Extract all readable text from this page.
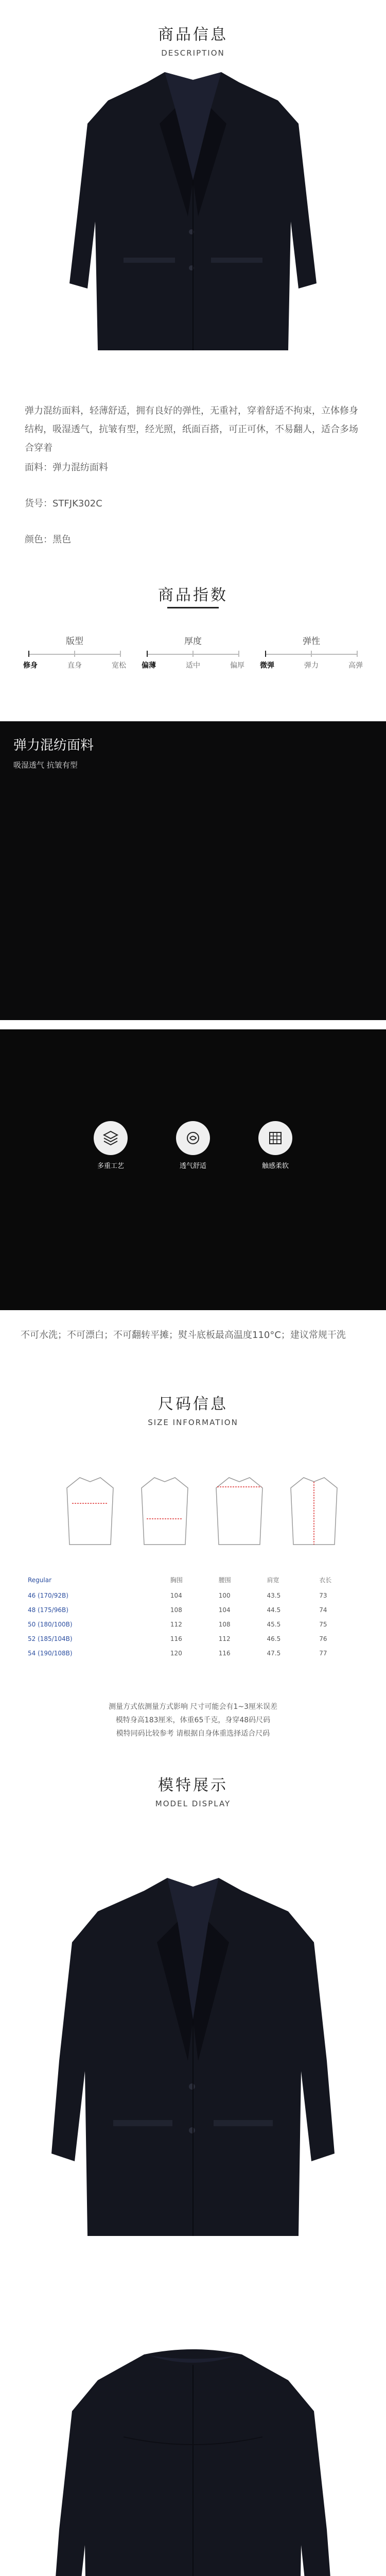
商品信息
DESCRIPTION

弹力混纺面料，轻薄舒适，拥有良好的弹性，无重衬，穿着舒适不拘束，立体修身结构，吸湿透气，抗皱有型，经光照，纸面百搭，可正可休，不易翻人，适合多场合穿着

面料：弹力混纺面料
货号：STFJK302C
颜色：黑色
商品指数
版型
修身	直身	宽松
厚度
偏薄	适中	偏厚
弹性
微弹	弹力	高弹
弹力混纺面料
吸湿透气 抗皱有型
多重工艺	透气舒适	触感柔软
不可水洗；不可漂白；不可翻转平摊；熨斗底板最高温度110°C；建议常规干洗
尺码信息
SIZE INFORMATION
Regular	胸围	腰围	肩宽	衣长
46 (170/92B)	104	100	43.5	73
48 (175/96B)	108	104	44.5	74
50 (180/100B)	112	108	45.5	75
52 (185/104B)	116	112	46.5	76
54 (190/108B)	120	116	47.5	77
测量方式依测量方式影响 尺寸可能会有1~3厘米误差
模特身高183厘米，体重65千克，身穿48码尺码
模特同码比较参考 请根据自身体重选择适合尺码
模特展示
MODEL DISPLAY
